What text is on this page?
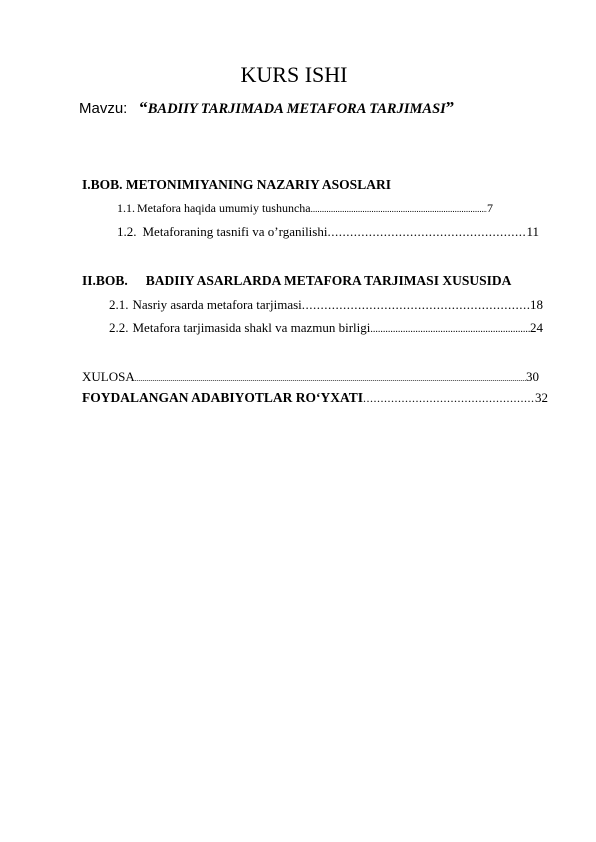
KURS ISHI
Mavzu: “BADIIY TARJIMADA METAFORA TARJIMASI”
I.BOB. METONIMIYANING NAZARIY ASOSLARI
1.1. Metafora haqida umumiy tushuncha .....	7
1.2. Metaforaning tasnifi va o’rganilishi .....	11
II.BOB. BADIIY ASARLARDA METAFORA TARJIMASI XUSUSIDA
2.1. Nasriy asarda metafora tarjimasi .....	18
2.2. Metafora tarjimasida shakl va mazmun birligi .....	24
XULOSA .....	30
FOYDALANGAN ADABIYOTLAR RO‘YXATI .....	32
